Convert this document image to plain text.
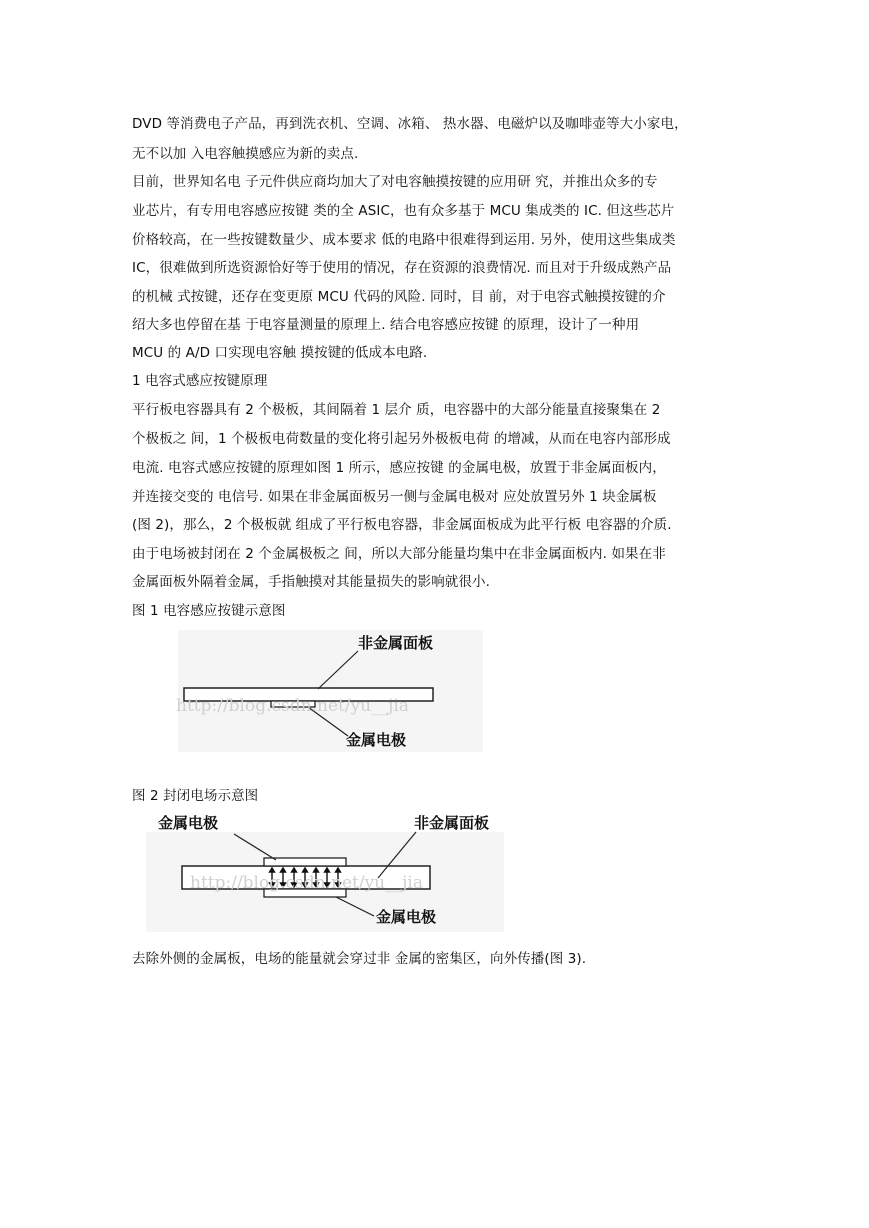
DVD 等消费电子产品，再到洗衣机、空调、冰箱、 热水器、电磁炉以及咖啡壶等大小家电，
无不以加 入电容触摸感应为新的卖点.
目前，世界知名电 子元件供应商均加大了对电容触摸按键的应用研 究，并推出众多的专
业芯片，有专用电容感应按键 类的全 ASIC，也有众多基于 MCU 集成类的 IC. 但这些芯片
价格较高，在一些按键数量少、成本要求 低的电路中很难得到运用. 另外，使用这些集成类
IC，很难做到所选资源恰好等于使用的情况，存在资源的浪费情况. 而且对于升级成熟产品
的机械 式按键，还存在变更原 MCU 代码的风险. 同时，目 前，对于电容式触摸按键的介
绍大多也停留在基 于电容量测量的原理上. 结合电容感应按键 的原理，设计了一种用
MCU 的 A/D 口实现电容触 摸按键的低成本电路.
1 电容式感应按键原理
平行板电容器具有 2 个极板，其间隔着 1 层介 质，电容器中的大部分能量直接聚集在 2
个极板之 间，1 个极板电荷数量的变化将引起另外极板电荷 的增减，从而在电容内部形成
电流. 电容式感应按键的原理如图 1 所示，感应按键 的金属电极，放置于非金属面板内，
并连接交变的 电信号. 如果在非金属面板另一侧与金属电极对 应处放置另外 1 块金属板
(图 2)，那么，2 个极板就 组成了平行板电容器，非金属面板成为此平行板 电容器的介质.
由于电场被封闭在 2 个金属极板之 间，所以大部分能量均集中在非金属面板内. 如果在非
金属面板外隔着金属，手指触摸对其能量损失的影响就很小.
图 1 电容感应按键示意图
非金属面板
金属电极
http://blog.csdn.net/yu__jia
图 2 封闭电场示意图
金属电极	非金属面板
金属电极
http://blog.csdn.net/yu__jia
去除外侧的金属板，电场的能量就会穿过非 金属的密集区，向外传播(图 3).
